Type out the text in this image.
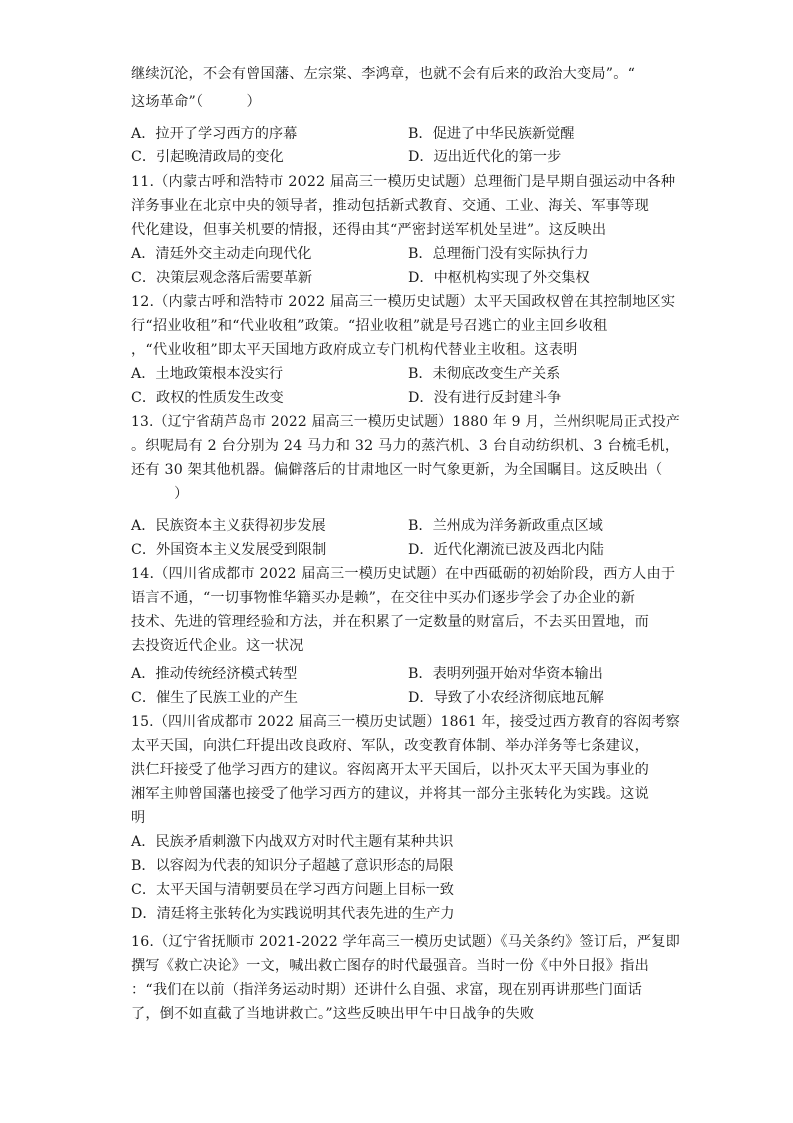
继续沉沦，不会有曾国藩、左宗棠、李鸿章，也就不会有后来的政治大变局”。“
这场革命”（　　　）
A．拉开了学习西方的序幕	B．促进了中华民族新觉醒
C．引起晚清政局的变化	D．迈出近代化的第一步
11.（内蒙古呼和浩特市 2022 届高三一模历史试题）总理衙门是早期自强运动中各种
洋务事业在北京中央的领导者，推动包括新式教育、交通、工业、海关、军事等现
代化建设，但事关机要的情报，还得由其“严密封送军机处呈进”。这反映出
A．清廷外交主动走向现代化	B．总理衙门没有实际执行力
C．决策层观念落后需要革新	D．中枢机构实现了外交集权
12.（内蒙古呼和浩特市 2022 届高三一模历史试题）太平天国政权曾在其控制地区实
行“招业收租”和“代业收租”政策。“招业收租”就是号召逃亡的业主回乡收租
，“代业收租”即太平天国地方政府成立专门机构代替业主收租。这表明
A．土地政策根本没实行	B．未彻底改变生产关系
C．政权的性质发生改变	D．没有进行反封建斗争
13.（辽宁省葫芦岛市 2022 届高三一模历史试题）1880 年 9 月，兰州织呢局正式投产
。织呢局有 2 台分别为 24 马力和 32 马力的蒸汽机、3 台自动纺织机、3 台梳毛机，
还有 30 架其他机器。偏僻落后的甘肃地区一时气象更新，为全国瞩目。这反映出（
　　　）
A．民族资本主义获得初步发展	B．兰州成为洋务新政重点区域
C．外国资本主义发展受到限制	D．近代化潮流已波及西北内陆
14.（四川省成都市 2022 届高三一模历史试题）在中西砥砺的初始阶段，西方人由于
语言不通，“一切事物惟华籍买办是赖”，在交往中买办们逐步学会了办企业的新
技术、先进的管理经验和方法，并在积累了一定数量的财富后，不去买田置地，而
去投资近代企业。这一状况
A．推动传统经济模式转型	B．表明列强开始对华资本输出
C．催生了民族工业的产生	D．导致了小农经济彻底地瓦解
15.（四川省成都市 2022 届高三一模历史试题）1861 年，接受过西方教育的容闳考察
太平天国，向洪仁玕提出改良政府、军队，改变教育体制、举办洋务等七条建议，
洪仁玕接受了他学习西方的建议。容闳离开太平天国后，以扑灭太平天国为事业的
湘军主帅曾国藩也接受了他学习西方的建议，并将其一部分主张转化为实践。这说
明
A．民族矛盾刺激下内战双方对时代主题有某种共识
B．以容闳为代表的知识分子超越了意识形态的局限
C．太平天国与清朝要员在学习西方问题上目标一致
D．清廷将主张转化为实践说明其代表先进的生产力
16.（辽宁省抚顺市 2021-2022 学年高三一模历史试题）《马关条约》签订后，严复即
撰写《救亡决论》一文，喊出救亡图存的时代最强音。当时一份《中外日报》指出
：“我们在以前（指洋务运动时期）还讲什么自强、求富，现在别再讲那些门面话
了，倒不如直截了当地讲救亡。”这些反映出甲午中日战争的失败
